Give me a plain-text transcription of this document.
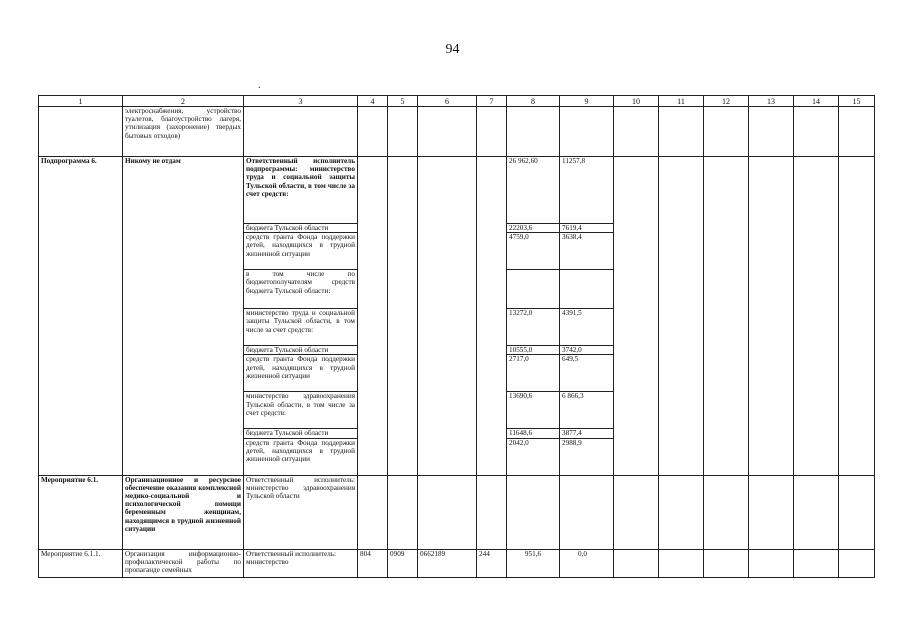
94
.
1	2	3	4	5	6	7	8	9	10	11	12	13	14	15
	электроснабжения, устройство туалетов, благоустройство лагеря, утилизация (захоронение) твердых бытовых отходов)													
Подпрограмма 6.	Никому не отдам	Ответственный исполнитель подпрограммы: министерство труда и социальной защиты Тульской области, в том числе за счет средств:					26 962,60	11257,8						
		бюджета Тульской области					22203,6	7619,4						
		средств гранта Фонда поддержки детей, находящихся в трудной жизненной ситуации					4759,0	3638,4						
		в том числе по бюджетополучателям средств бюджета Тульской области:												
		министерство труда и социальной защиты Тульской области, в том числе за счет средств:					13272,0	4391,5						
		бюджета Тульской области					10555,0	3742,0						
		средств гранта Фонда поддержки детей, находящихся в трудной жизненной ситуации					2717,0	649,5						
		министерство здравоохранения Тульской области, в том числе за счет средств:					13690,6	6 866,3						
		бюджета Тульской области					11648,6	3877,4						
		средств гранта Фонда поддержки детей, находящихся в трудной жизненной ситуации					2042,0	2988,9						
Мероприятие 6.1.	Организационное и ресурсное обеспечение оказания комплексной медико-социальной и психологической помощи беременным женщинам, находящимся в трудной жизненной ситуации	Ответственный исполнитель: министерство здравоохранения Тульской области												
Мероприятие 6.1.1.	Организация информационно-профилактической работы по пропаганде семейных	Ответственный исполнитель: министерство	804	0909	0662189	244	951,6	0,0						
